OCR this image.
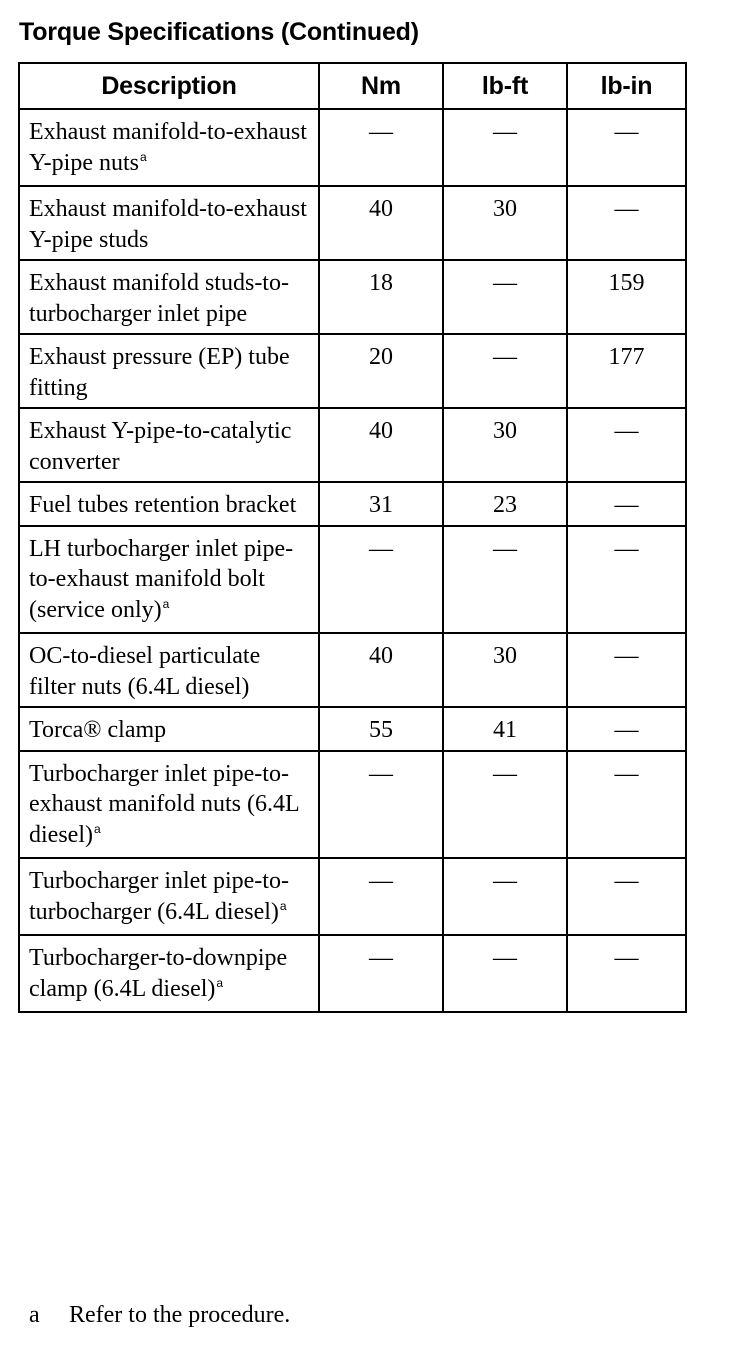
Torque Specifications (Continued)
Description	Nm	lb-ft	lb-in
Exhaust manifold-to-exhaust Y-pipe nuts$^a$	—	—	—
Exhaust manifold-to-exhaust Y-pipe studs	40	30	—
Exhaust manifold studs-to-turbocharger inlet pipe	18	—	159
Exhaust pressure (EP) tube fitting	20	—	177
Exhaust Y-pipe-to-catalytic converter	40	30	—
Fuel tubes retention bracket	31	23	—
LH turbocharger inlet pipe-to-exhaust manifold bolt (service only)$^a$	—	—	—
OC-to-diesel particulate filter nuts (6.4L diesel)	40	30	—
Torca® clamp	55	41	—
Turbocharger inlet pipe-to-exhaust manifold nuts (6.4L diesel)$^a$	—	—	—
Turbocharger inlet pipe-to-turbocharger (6.4L diesel)$^a$	—	—	—
Turbocharger-to-downpipe clamp (6.4L diesel)$^a$	—	—	—
a Refer to the procedure.
